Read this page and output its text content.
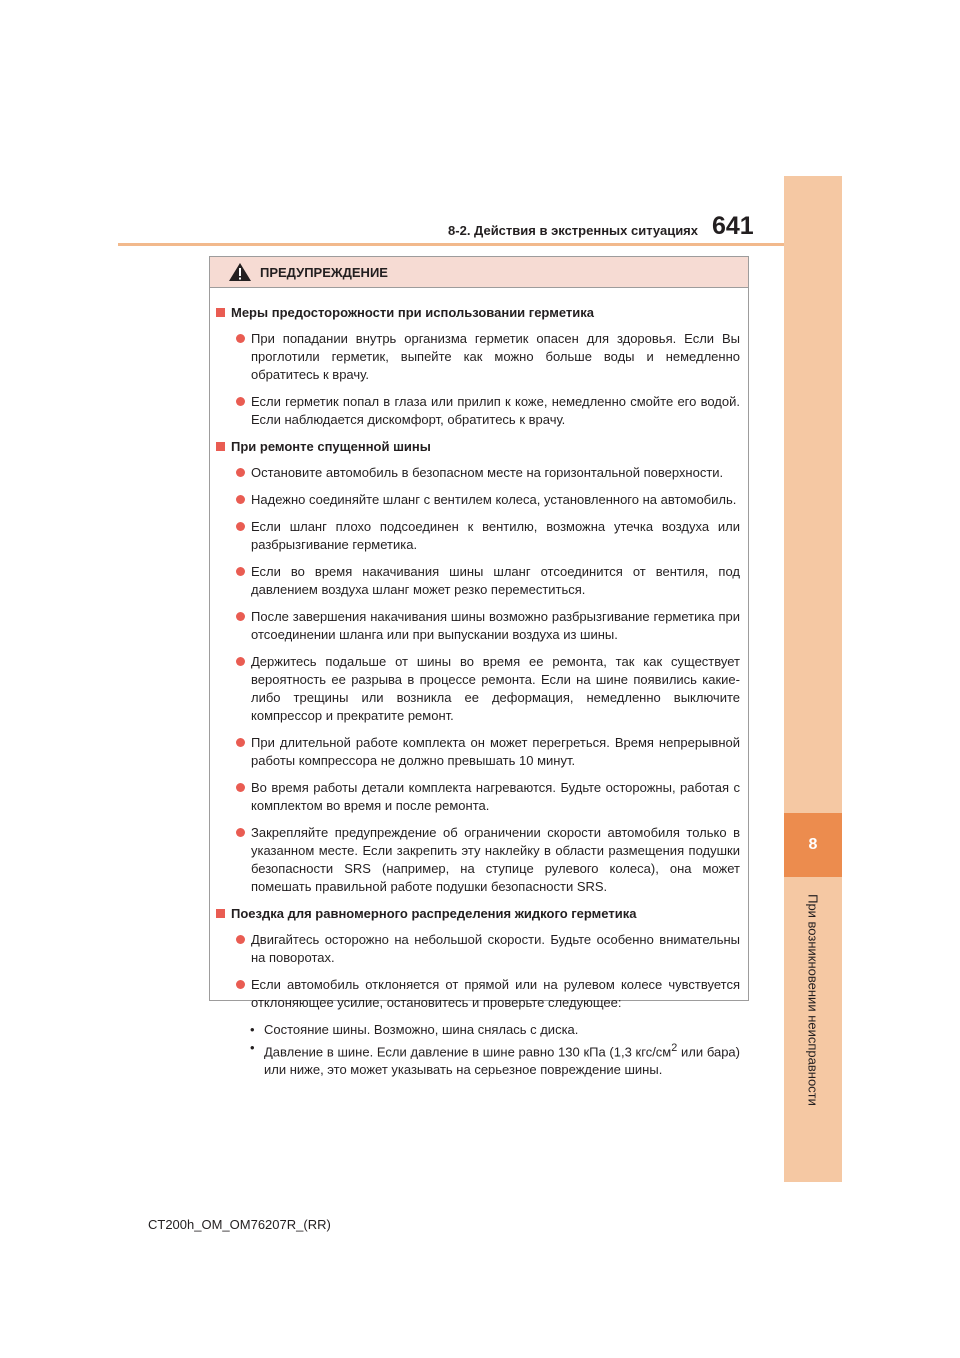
8
При возникновении неисправности
8-2. Действия в экстренных ситуациях 641
ПРЕДУПРЕЖДЕНИЕ
Меры предосторожности при использовании герметика

При попадании внутрь организма герметик опасен для здоровья. Если Вы проглотили герметик, выпейте как можно больше воды и немедленно обратитесь к врачу.

Если герметик попал в глаза или прилип к коже, немедленно смойте его водой. Если наблюдается дискомфорт, обратитесь к врачу.

При ремонте спущенной шины

Остановите автомобиль в безопасном месте на горизонтальной поверхности.

Надежно соединяйте шланг с вентилем колеса, установленного на автомобиль.

Если шланг плохо подсоединен к вентилю, возможна утечка воздуха или разбрызгивание герметика.

Если во время накачивания шины шланг отсоединится от вентиля, под давлением воздуха шланг может резко переместиться.

После завершения накачивания шины возможно разбрызгивание герметика при отсоединении шланга или при выпускании воздуха из шины.

Держитесь подальше от шины во время ее ремонта, так как существует вероятность ее разрыва в процессе ремонта. Если на шине появились какие-либо трещины или возникла ее деформация, немедленно выключите компрессор и прекратите ремонт.

При длительной работе комплекта он может перегреться. Время непрерывной работы компрессора не должно превышать 10 минут.

Во время работы детали комплекта нагреваются. Будьте осторожны, работая с комплектом во время и после ремонта.

Закрепляйте предупреждение об ограничении скорости автомобиля только в указанном месте. Если закрепить эту наклейку в области размещения подушки безопасности SRS (например, на ступице рулевого колеса), она может помешать правильной работе подушки безопасности SRS.

Поездка для равномерного распределения жидкого герметика

Двигайтесь осторожно на небольшой скорости. Будьте особенно внимательны на поворотах.

Если автомобиль отклоняется от прямой или на рулевом колесе чувствуется отклоняющее усилие, остановитесь и проверьте следующее:

• Состояние шины. Возможно, шина снялась с диска.

• Давление в шине. Если давление в шине равно 130 кПа (1,3 кгс/$см^2$ или бара) или ниже, это может указывать на серьезное повреждение шины.

CT200h_OM_OM76207R_(RR)
